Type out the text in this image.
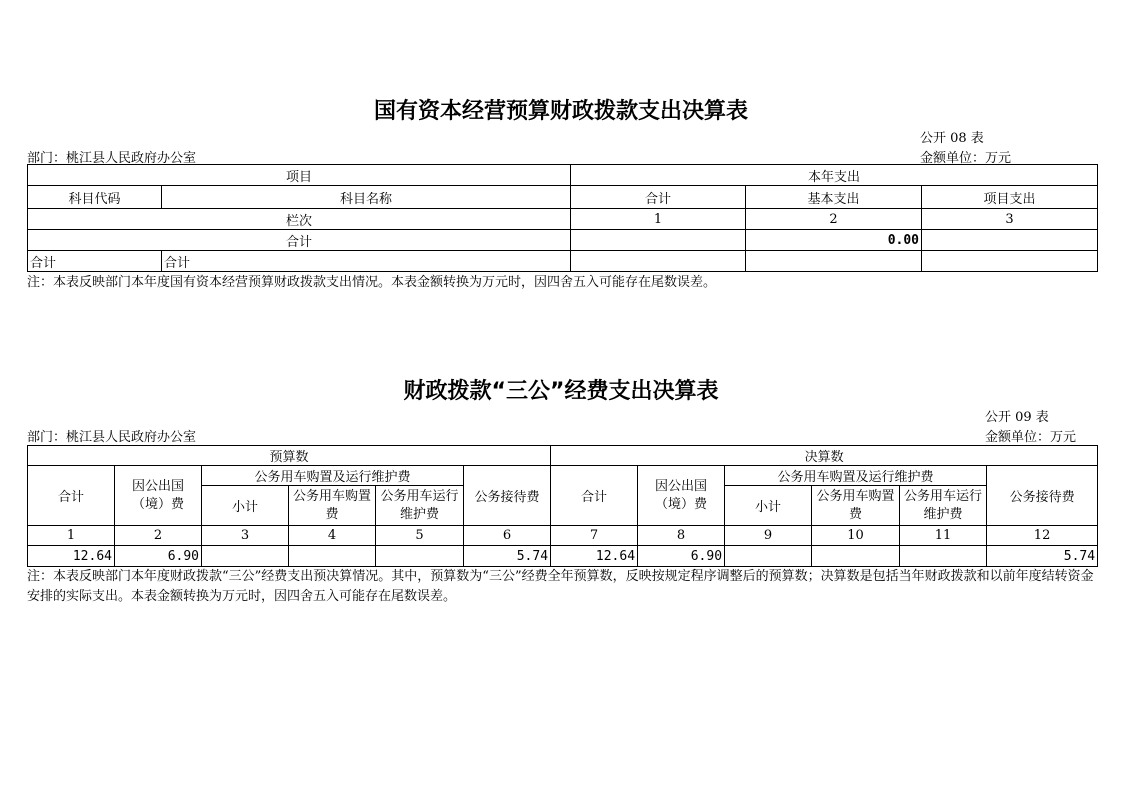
国有资本经营预算财政拨款支出决算表
公开 08 表
部门：桃江县人民政府办公室	金额单位：万元
项目		本年支出		
科目代码	科目名称	合计	基本支出	项目支出
栏次		1	2	3
合计			0.00	
合计	合计			
注：本表反映部门本年度国有资本经营预算财政拨款支出情况。本表金额转换为万元时，因四舍五入可能存在尾数误差。
财政拨款“三公”经费支出决算表
公开 09 表
部门：桃江县人民政府办公室	金额单位：万元
预算数						决算数					
合计	因公出国（境）费	公务用车购置及运行维护费			公务接待费	合计	因公出国（境）费	公务用车购置及运行维护费			公务接待费
		小计	公务用车购置费	公务用车运行维护费				小计	公务用车购置费	公务用车运行维护费	
1	2	3	4	5	6	7	8	9	10	11	12
12.64	6.90				5.74	12.64	6.90				5.74
注：本表反映部门本年度财政拨款“三公”经费支出预决算情况。其中，预算数为“三公”经费全年预算数，反映按规定程序调整后的预算数；决算数是包括当年财政拨款和以前年度结转资金安排的实际支出。本表金额转换为万元时，因四舍五入可能存在尾数误差。
